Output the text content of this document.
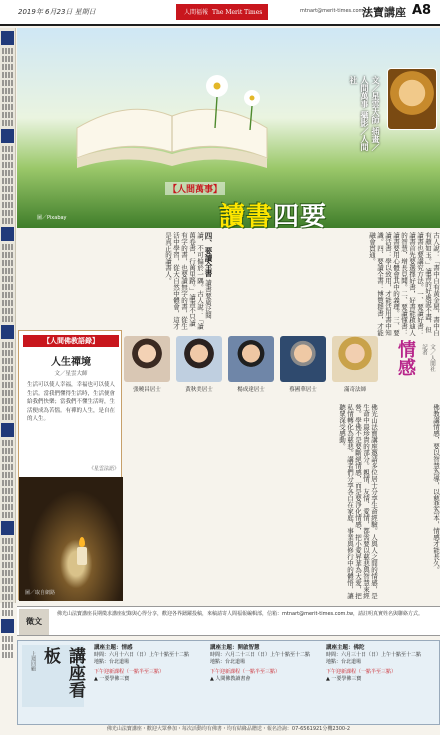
2019年 6月23日 星期日	人間福報 The Merit Times	mtnart@merit-times.com.tw
法寶講座 A8
文／星雲大師 插畫／人間萬事 攝影／人間社
【人間萬事】
讀書四要
圖／Pixabay
古人說：「書中自有黃金屋，書中自有顏如玉。」讀書的好處說不盡，但讀書也要講究方法。一、要讀好書：讀書首先要選擇好書，好書能啟迪人的智慧，增長見聞。二、要讀懂書：讀書要用心體會其中的義理。三、要讀活書：學以致用，才能活用書中知識。四、要讀全書：博覽群書，才能融會貫通。
四、要讀全書 讀書要廣泛閱讀，不可偏於一隅。古人說：「讀萬卷書，行萬里路。」讀書不只讀有字的書，也要讀無字的書，從生活中學習，從大自然中體會，這才是真正的讀書人。
【人間佛教語錄】
人生禪境
文／星雲大師
生活可以使人幸福，幸福也可以使人生活。當我們懂得生活時，生活便會給我們快樂；當我們不懂生活時，生活便成為苦惱。有禪的人生，是自在的人生。
《星雲法語》
圖／取自網路
張曉昌居士	黃秋美居士	楊成達居士	蔡國華居士	滿奇法師
佛光山法寶講座邀請多位居士分享生命經驗。人與人之間的情感，是生命中最珍貴的部分。親情、友情、愛情，都需要以慈悲與智慧來經營。學佛不是要斷絕情感，而是要淨化情感，把小愛昇華為大愛，把私情轉化為慈悲。講者們分享各自在家庭、事業與修行中的體悟，讓聽眾深受感動。
情感	文／人間社記者
佛教講情感，要以智慧為導，以慈悲為本，情感才能長久。
徵文
佛光山法寶講座長期徵求講座紀錄與心得分享，歡迎各界踴躍投稿，來稿請寄人間福報編輯部，信箱：mtnart@merit-times.com.tw，請註明真實姓名與聯絡方式。
講座看板
上週回顧
講座主題：情感
時間：六月十六日（日）上午十點至十二點
地點：台北道場
下午迎新課程（一點半至三點）
▲ 一要學佛三寶
講座主題：開啟智慧
時間：六月二十三日（日）上午十點至十二點
地點：台北道場
下午迎新課程（一點半至三點）
▲ 人間佛教讀書會
講座主題：佛陀
時間：六月三十日（日）上午十點至十二點
地點：台北道場
下午迎新課程（一點半至三點）
▲ 一要學佛三寶
佛光山法寶講座・歡迎大眾參加・每次活動均有佛書・均有結緣品贈送・報名洽詢：07-6561921分機2300-2
